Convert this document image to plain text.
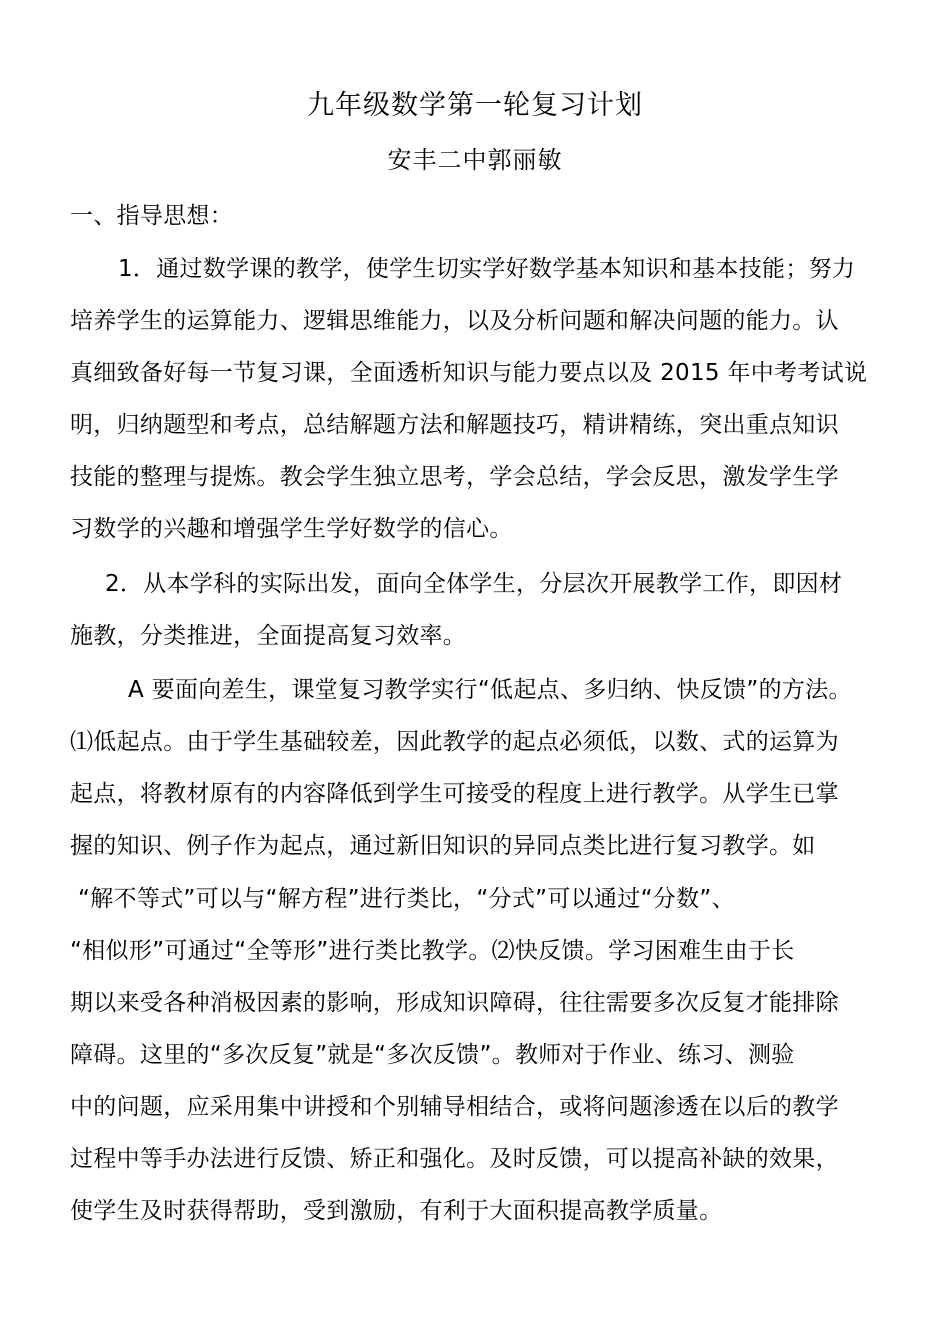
九年级数学第一轮复习计划
安丰二中郭丽敏
一、指导思想：
1．通过数学课的教学，使学生切实学好数学基本知识和基本技能；努力
培养学生的运算能力、逻辑思维能力，以及分析问题和解决问题的能力。认
真细致备好每一节复习课，全面透析知识与能力要点以及 2015 年中考考试说
明，归纳题型和考点，总结解题方法和解题技巧，精讲精练，突出重点知识
技能的整理与提炼。教会学生独立思考，学会总结，学会反思，激发学生学
习数学的兴趣和增强学生学好数学的信心。
2．从本学科的实际出发，面向全体学生，分层次开展教学工作，即因材
施教，分类推进，全面提高复习效率。
A 要面向差生，课堂复习教学实行“低起点、多归纳、快反馈”的方法。
⑴低起点。由于学生基础较差，因此教学的起点必须低，以数、式的运算为
起点，将教材原有的内容降低到学生可接受的程度上进行教学。从学生已掌
握的知识、例子作为起点，通过新旧知识的异同点类比进行复习教学。如
“解不等式”可以与“解方程”进行类比，“分式”可以通过“分数”、
“相似形”可通过“全等形”进行类比教学。⑵快反馈。学习困难生由于长
期以来受各种消极因素的影响，形成知识障碍，往往需要多次反复才能排除
障碍。这里的“多次反复”就是“多次反馈”。教师对于作业、练习、测验
中的问题，应采用集中讲授和个别辅导相结合，或将问题渗透在以后的教学
过程中等手办法进行反馈、矫正和强化。及时反馈，可以提高补缺的效果，
使学生及时获得帮助，受到激励，有利于大面积提高教学质量。
